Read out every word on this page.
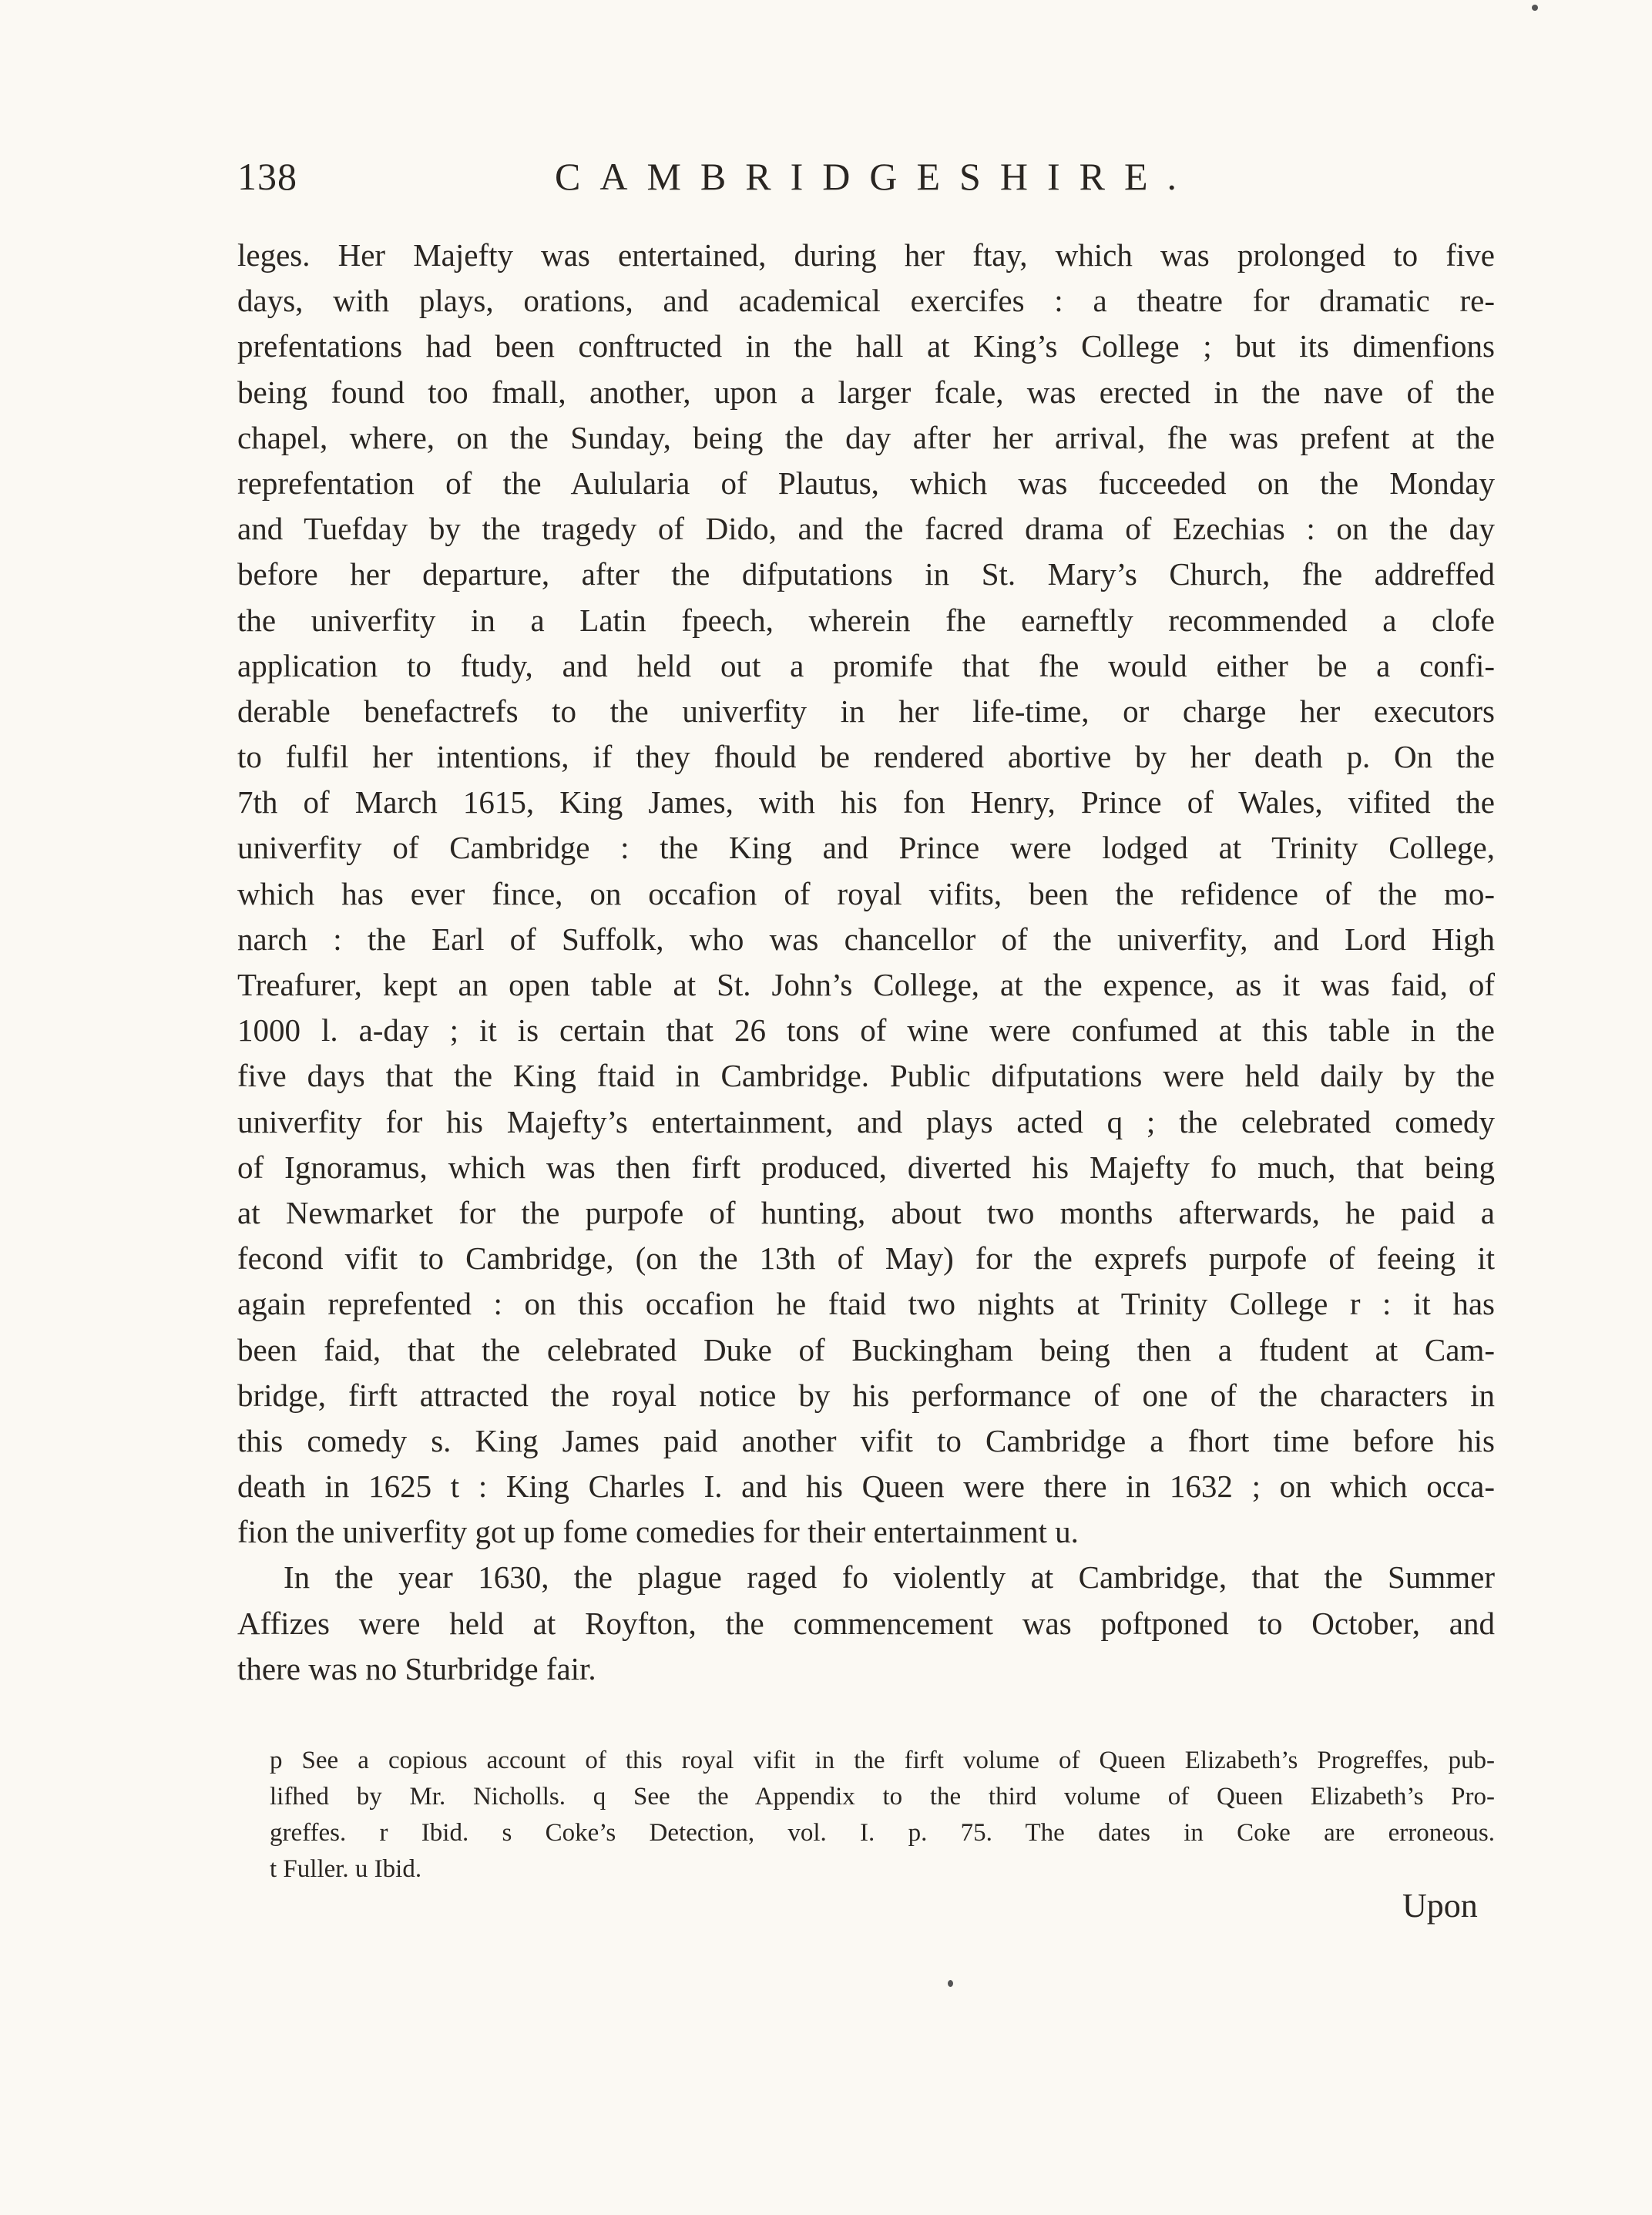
138	CAMBRIDGESHIRE.
leges. Her Majefty was entertained, during her ftay, which was prolonged to five
days, with plays, orations, and academical exercifes : a theatre for dramatic re-
prefentations had been conftructed in the hall at King’s College ; but its dimenfions
being found too fmall, another, upon a larger fcale, was erected in the nave of the
chapel, where, on the Sunday, being the day after her arrival, fhe was prefent at the
reprefentation of the Aulularia of Plautus, which was fucceeded on the Monday
and Tuefday by the tragedy of Dido, and the facred drama of Ezechias : on the day
before her departure, after the difputations in St. Mary’s Church, fhe addreffed
the univerfity in a Latin fpeech, wherein fhe earneftly recommended a clofe
application to ftudy, and held out a promife that fhe would either be a confi-
derable benefactrefs to the univerfity in her life-time, or charge her executors
to fulfil her intentions, if they fhould be rendered abortive by her death p. On the
7th of March 1615, King James, with his fon Henry, Prince of Wales, vifited the
univerfity of Cambridge : the King and Prince were lodged at Trinity College,
which has ever fince, on occafion of royal vifits, been the refidence of the mo-
narch : the Earl of Suffolk, who was chancellor of the univerfity, and Lord High
Treafurer, kept an open table at St. John’s College, at the expence, as it was faid, of
1000 l. a-day ; it is certain that 26 tons of wine were confumed at this table in the
five days that the King ftaid in Cambridge. Public difputations were held daily by the
univerfity for his Majefty’s entertainment, and plays acted q ; the celebrated comedy
of Ignoramus, which was then firft produced, diverted his Majefty fo much, that being
at Newmarket for the purpofe of hunting, about two months afterwards, he paid a
fecond vifit to Cambridge, (on the 13th of May) for the exprefs purpofe of feeing it
again reprefented : on this occafion he ftaid two nights at Trinity College r : it has
been faid, that the celebrated Duke of Buckingham being then a ftudent at Cam-
bridge, firft attracted the royal notice by his performance of one of the characters in
this comedy s. King James paid another vifit to Cambridge a fhort time before his
death in 1625 t : King Charles I. and his Queen were there in 1632 ; on which occa-
fion the univerfity got up fome comedies for their entertainment u.
In the year 1630, the plague raged fo violently at Cambridge, that the Summer
Affizes were held at Royfton, the commencement was poftponed to October, and
there was no Sturbridge fair.
p See a copious account of this royal vifit in the firft volume of Queen Elizabeth’s Progreffes, pub-
lifhed by Mr. Nicholls. q See the Appendix to the third volume of Queen Elizabeth’s Pro-
greffes. r Ibid. s Coke’s Detection, vol. I. p. 75. The dates in Coke are erroneous.
t Fuller. u Ibid.
Upon
